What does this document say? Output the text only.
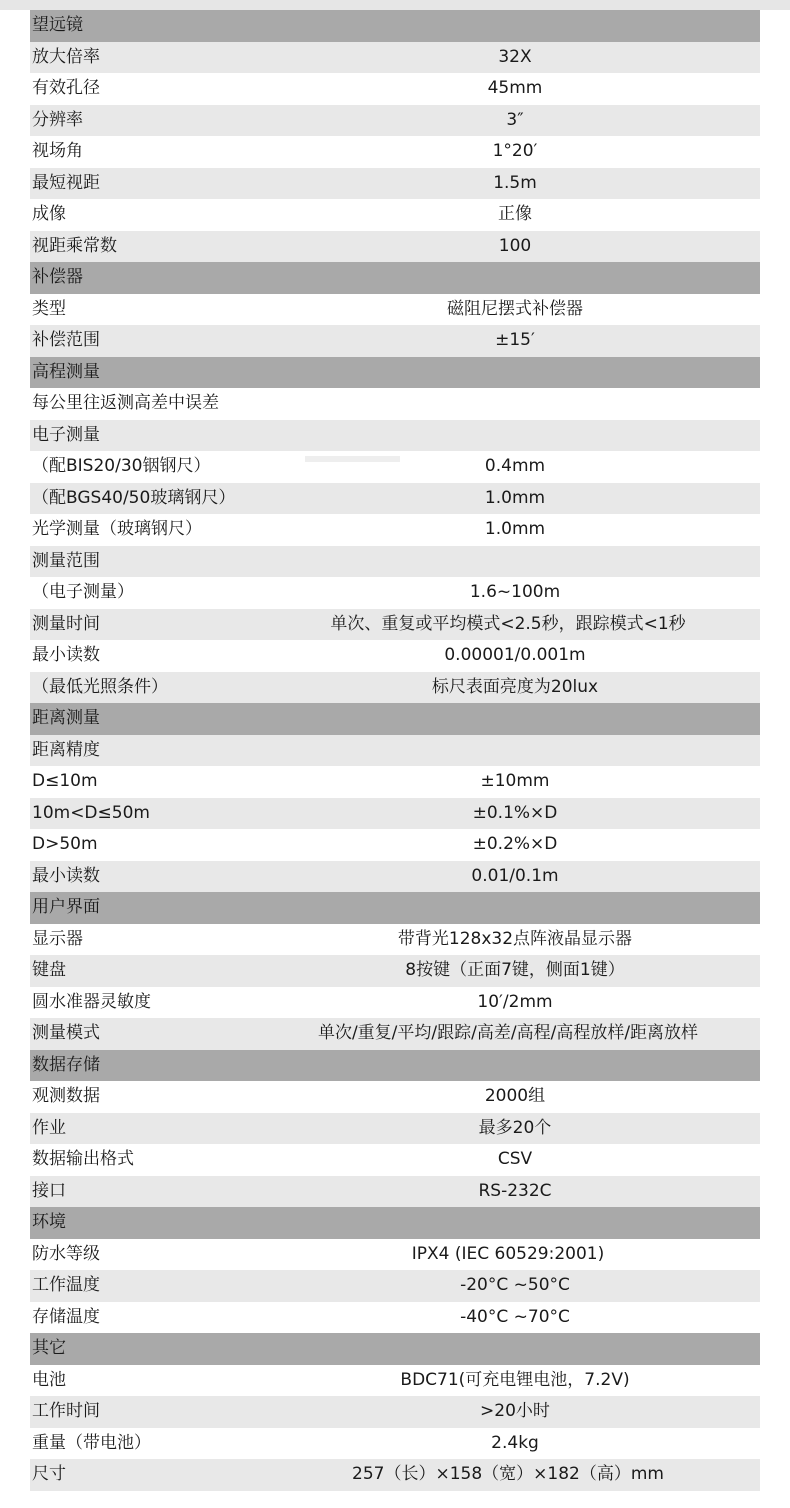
望远镜
放大倍率	32X
有效孔径	45mm
分辨率	3″
视场角	1°20′
最短视距	1.5m
成像	正像
视距乘常数	100
补偿器
类型	磁阻尼摆式补偿器
补偿范围	±15′
高程测量
每公里往返测高差中误差
电子测量
（配BIS20/30铟钢尺）	0.4mm
（配BGS40/50玻璃钢尺）	1.0mm
光学测量（玻璃钢尺）	1.0mm
测量范围
（电子测量）	1.6~100m
测量时间	单次、重复或平均模式<2.5秒，跟踪模式<1秒
最小读数	0.00001/0.001m
（最低光照条件）	标尺表面亮度为20lux
距离测量
距离精度
D≤10m	±10mm
10m<D≤50m	±0.1%×D
D>50m	±0.2%×D
最小读数	0.01/0.1m
用户界面
显示器	带背光128x32点阵液晶显示器
键盘	8按键（正面7键，侧面1键）
圆水准器灵敏度	10′/2mm
测量模式	单次/重复/平均/跟踪/高差/高程/高程放样/距离放样
数据存储
观测数据	2000组
作业	最多20个
数据输出格式	CSV
接口	RS-232C
环境
防水等级	IPX4 (IEC 60529:2001)
工作温度	-20°C ~50°C
存储温度	-40°C ~70°C
其它
电池	BDC71(可充电锂电池，7.2V)
工作时间	>20小时
重量（带电池）	2.4kg
尺寸	257（长）×158（宽）×182（高）mm
